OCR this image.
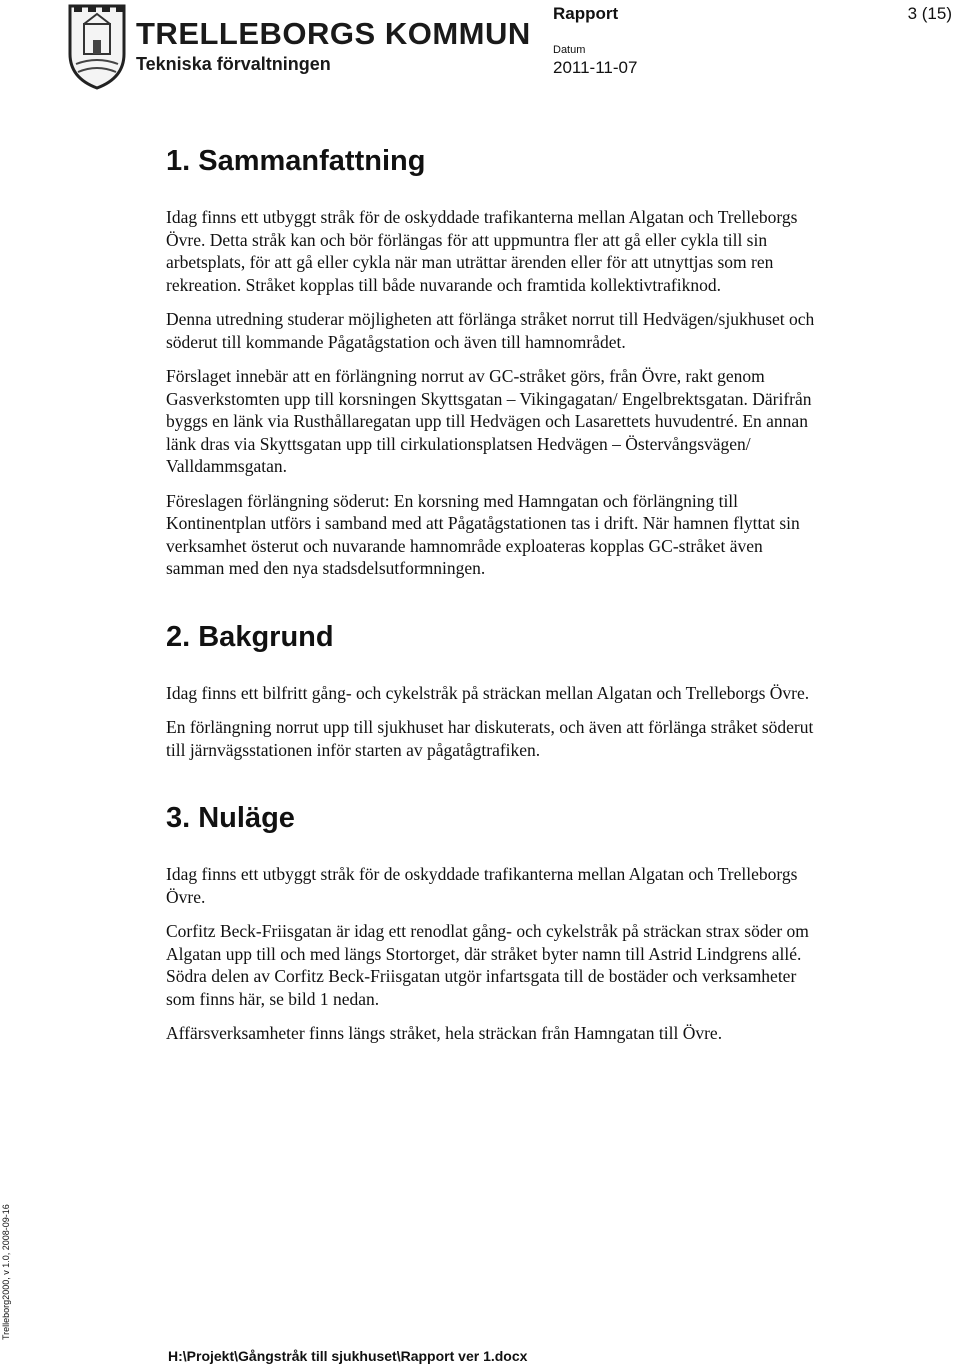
TRELLEBORGS KOMMUN
Tekniska förvaltningen
Rapport	3 (15)
Datum
2011-11-07
1. Sammanfattning

Idag finns ett utbyggt stråk för de oskyddade trafikanterna mellan Algatan och Trelleborgs Övre. Detta stråk kan och bör förlängas för att uppmuntra fler att gå eller cykla till sin arbetsplats, för att gå eller cykla när man uträttar ärenden eller för att utnyttjas som ren rekreation. Stråket kopplas till både nuvarande och framtida kollektivtrafiknod.

Denna utredning studerar möjligheten att förlänga stråket norrut till Hedvägen/sjukhuset och söderut till kommande Pågatågstation och även till hamnområdet.

Förslaget innebär att en förlängning norrut av GC-stråket görs, från Övre, rakt genom Gasverkstomten upp till korsningen Skyttsgatan – Vikingagatan/ Engelbrektsgatan. Därifrån byggs en länk via Rusthållaregatan upp till Hedvägen och Lasarettets huvudentré. En annan länk dras via Skyttsgatan upp till cirkulationsplatsen Hedvägen – Östervångsvägen/ Valldammsgatan.

Föreslagen förlängning söderut: En korsning med Hamngatan och förlängning till Kontinentplan utförs i samband med att Pågatågstationen tas i drift. När hamnen flyttat sin verksamhet österut och nuvarande hamnområde exploateras kopplas GC-stråket även samman med den nya stadsdelsutformningen.

2. Bakgrund

Idag finns ett bilfritt gång- och cykelstråk på sträckan mellan Algatan och Trelleborgs Övre.

En förlängning norrut upp till sjukhuset har diskuterats, och även att förlänga stråket söderut till järnvägsstationen inför starten av pågatågtrafiken.

3. Nuläge

Idag finns ett utbyggt stråk för de oskyddade trafikanterna mellan Algatan och Trelleborgs Övre.

Corfitz Beck-Friisgatan är idag ett renodlat gång- och cykelstråk på sträckan strax söder om Algatan upp till och med längs Stortorget, där stråket byter namn till Astrid Lindgrens allé. Södra delen av Corfitz Beck-Friisgatan utgör infartsgata till de bostäder och verksamheter som finns här, se bild 1 nedan.

Affärsverksamheter finns längs stråket, hela sträckan från Hamngatan till Övre.

Trelleborg2000, v 1.0, 2008-09-16
H:\Projekt\Gångstråk till sjukhuset\Rapport ver 1.docx
